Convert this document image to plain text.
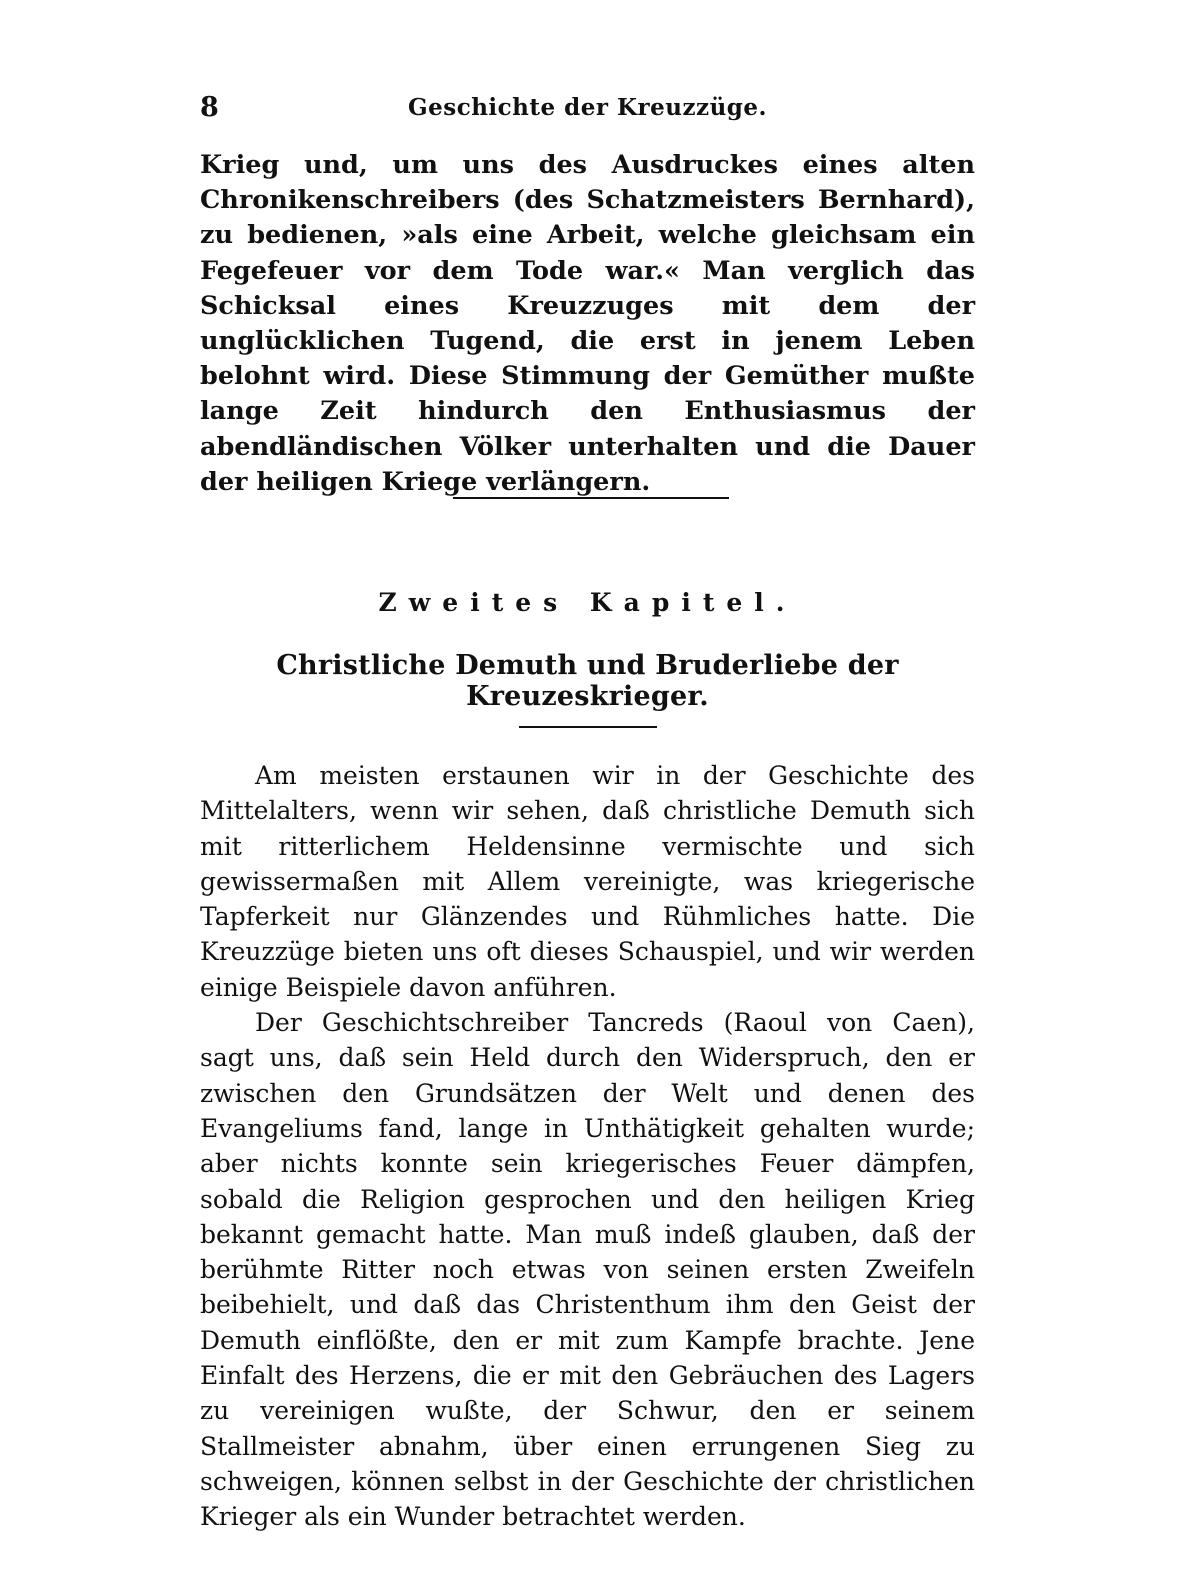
8	Geschichte der Kreuzzüge.

Krieg und, um uns des Ausdruckes eines alten Chronikenschreibers (des Schatzmeisters Bernhard), zu bedienen, »als eine Arbeit, welche gleichsam ein Fegefeuer vor dem Tode war.« Man verglich das Schicksal eines Kreuzzuges mit dem der unglücklichen Tugend, die erst in jenem Leben belohnt wird. Diese Stimmung der Gemüther mußte lange Zeit hindurch den Enthusiasmus der abendländischen Völker unterhalten und die Dauer der heiligen Kriege verlängern.

Zweites Kapitel.
Christliche Demuth und Bruderliebe der Kreuzeskrieger.

Am meisten erstaunen wir in der Geschichte des Mittelalters, wenn wir sehen, daß christliche Demuth sich mit ritterlichem Heldensinne vermischte und sich gewissermaßen mit Allem vereinigte, was kriegerische Tapferkeit nur Glänzendes und Rühmliches hatte. Die Kreuzzüge bieten uns oft dieses Schauspiel, und wir werden einige Beispiele davon anführen.

Der Geschichtschreiber Tancreds (Raoul von Caen), sagt uns, daß sein Held durch den Widerspruch, den er zwischen den Grundsätzen der Welt und denen des Evangeliums fand, lange in Unthätigkeit gehalten wurde; aber nichts konnte sein kriegerisches Feuer dämpfen, sobald die Religion gesprochen und den heiligen Krieg bekannt gemacht hatte. Man muß indeß glauben, daß der berühmte Ritter noch etwas von seinen ersten Zweifeln beibehielt, und daß das Christenthum ihm den Geist der Demuth einflößte, den er mit zum Kampfe brachte. Jene Einfalt des Herzens, die er mit den Gebräuchen des Lagers zu vereinigen wußte, der Schwur, den er seinem Stallmeister abnahm, über einen errungenen Sieg zu schweigen, können selbst in der Geschichte der christlichen Krieger als ein Wunder betrachtet werden.
